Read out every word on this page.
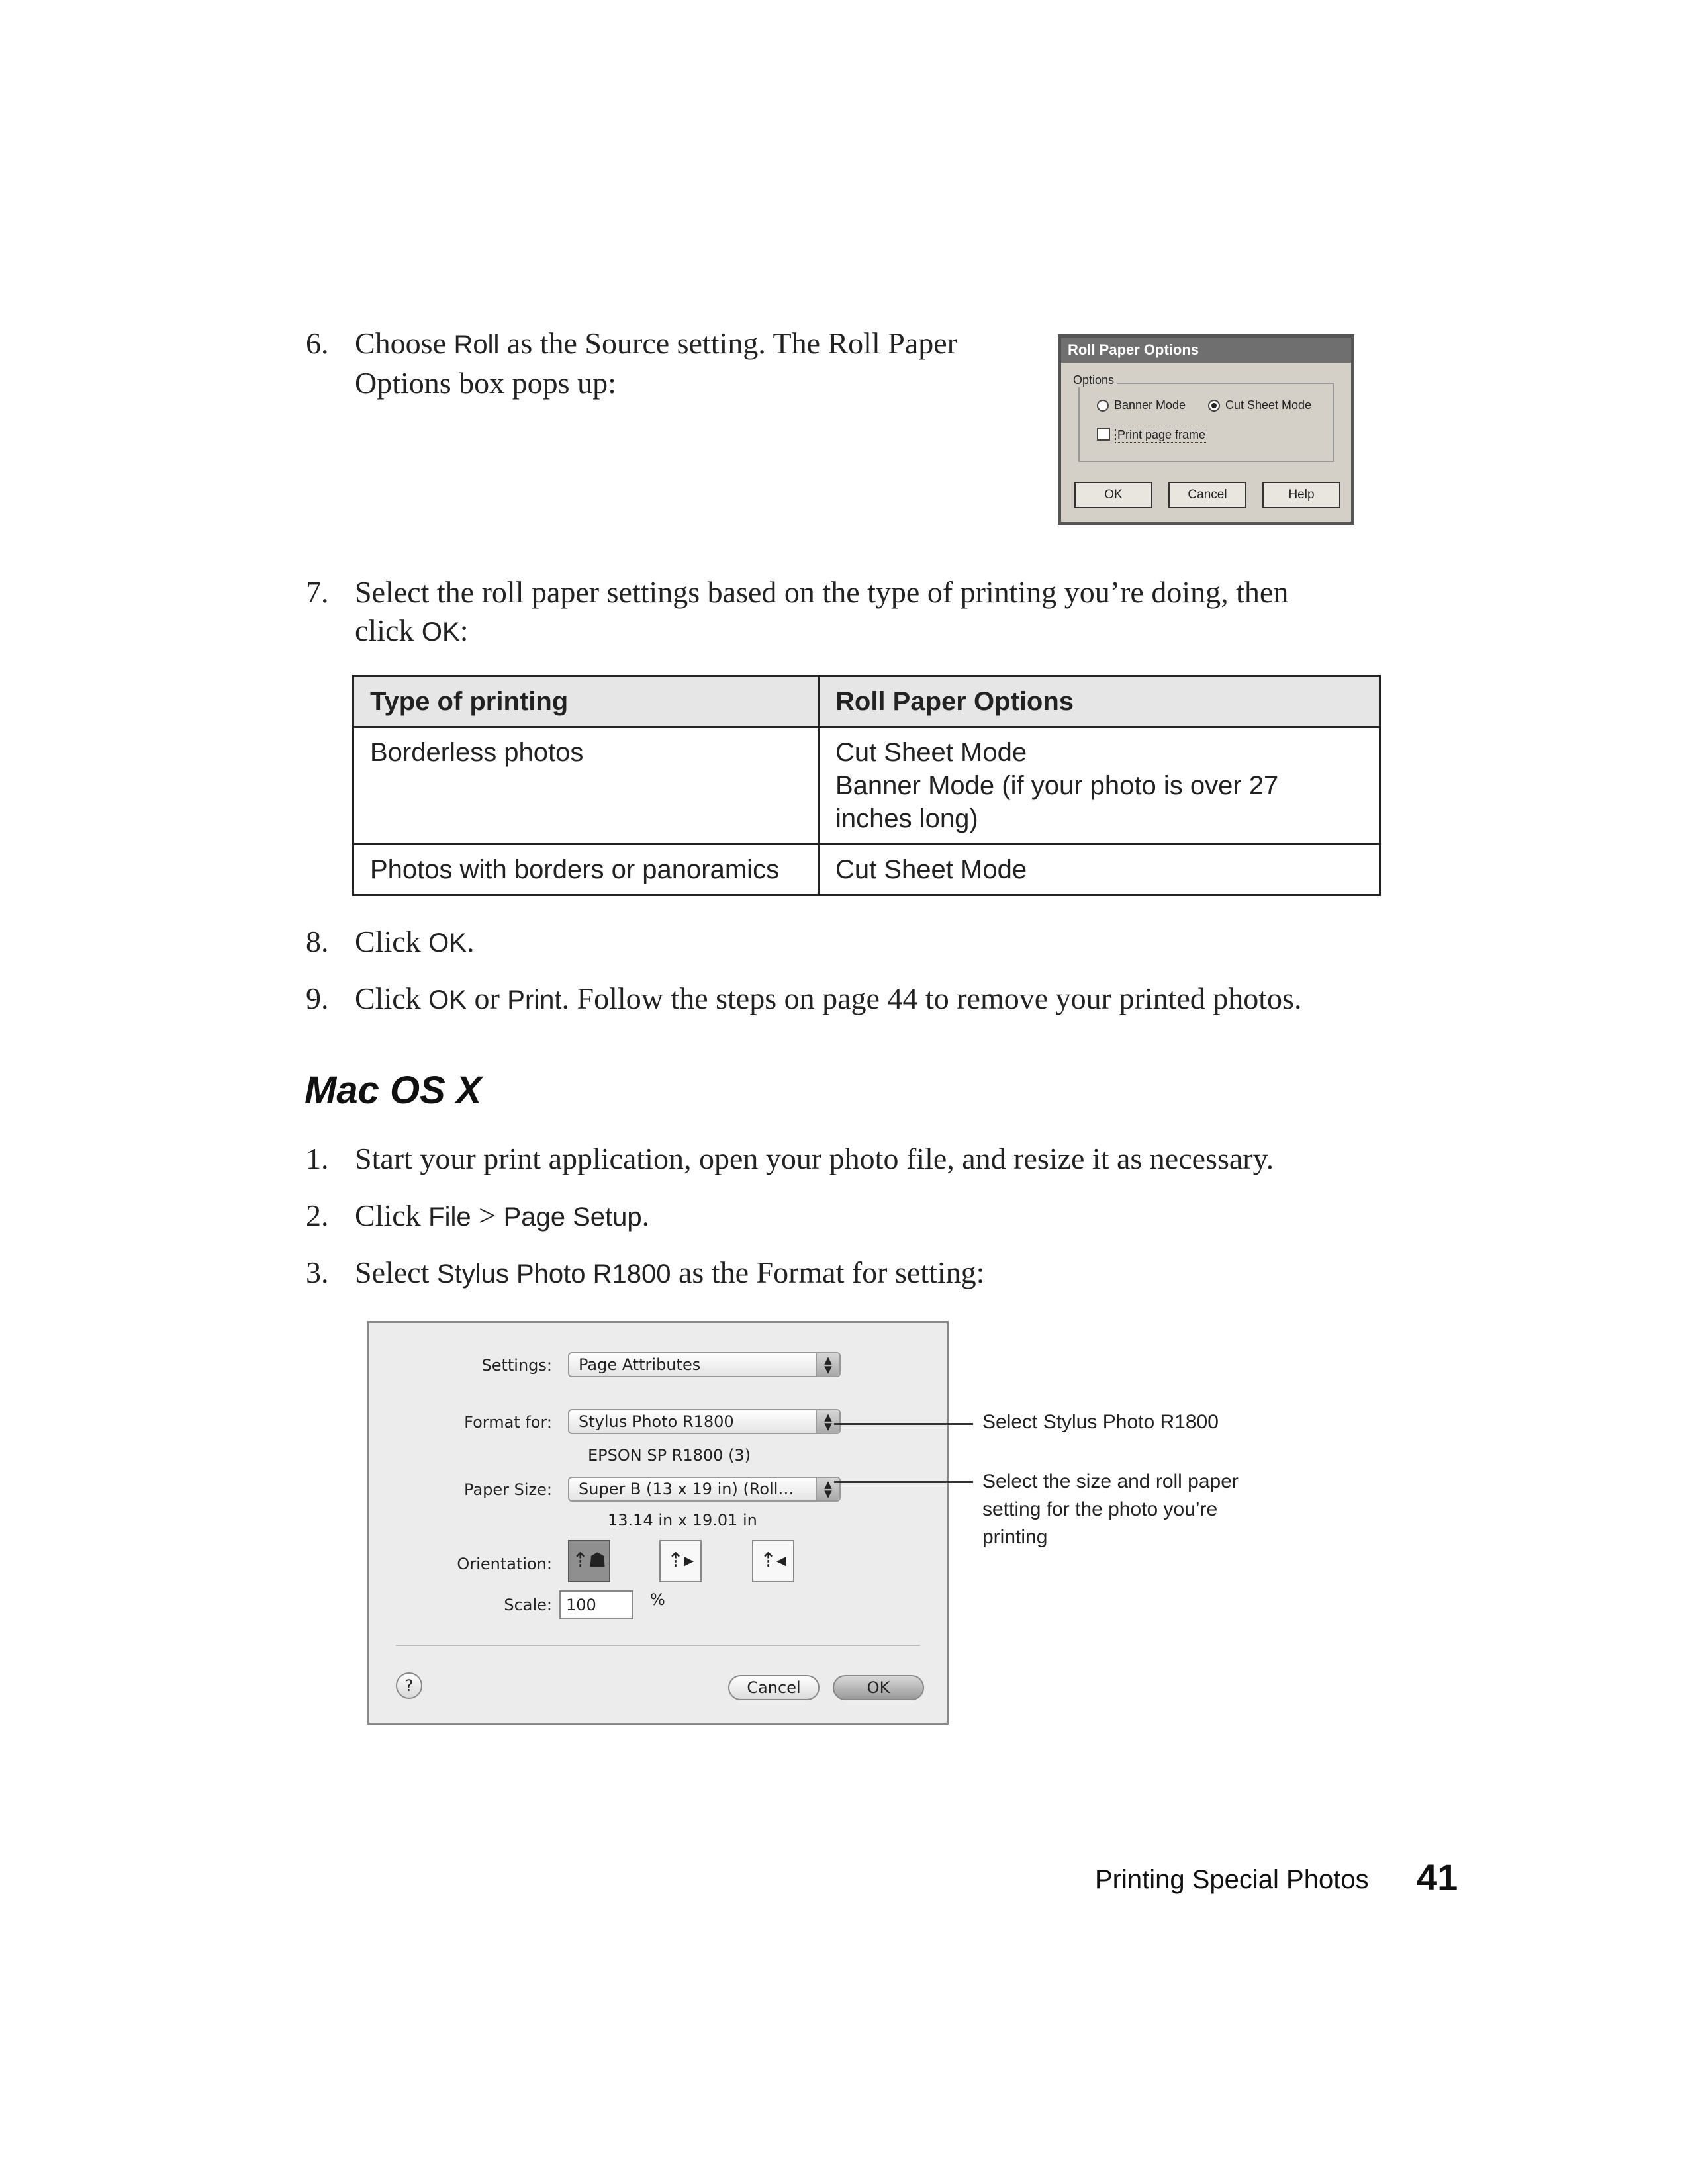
6. Choose Roll as the Source setting. The Roll Paper
Options box pops up:
Roll Paper Options
Options
Banner Mode	Cut Sheet Mode
Print page frame
OK	Cancel	Help
7. Select the roll paper settings based on the type of printing you’re doing, then
click OK:
Type of printing	Roll Paper Options
Borderless photos	Cut Sheet Mode
Banner Mode (if your photo is over 27
inches long)
Photos with borders or panoramics	Cut Sheet Mode
8. Click OK.
9. Click OK or Print. Follow the steps on page 44 to remove your printed photos.
Mac OS X
1. Start your print application, open your photo file, and resize it as necessary.
2. Click File > Page Setup.
3. Select Stylus Photo R1800 as the Format for setting:
Settings:	Page Attributes	▲
▼
Format for:	Stylus Photo R1800	▲
▼
EPSON SP R1800 (3)
Paper Size:	Super B (13 x 19 in) (Roll…	▲
▼
13.14 in x 19.01 in
Orientation: ⇡☗	⇡▸	⇡◂
Scale: 100	%
?	Cancel	OK
Select Stylus Photo R1800
Select the size and roll paper
setting for the photo you’re
printing
Printing Special Photos 41
